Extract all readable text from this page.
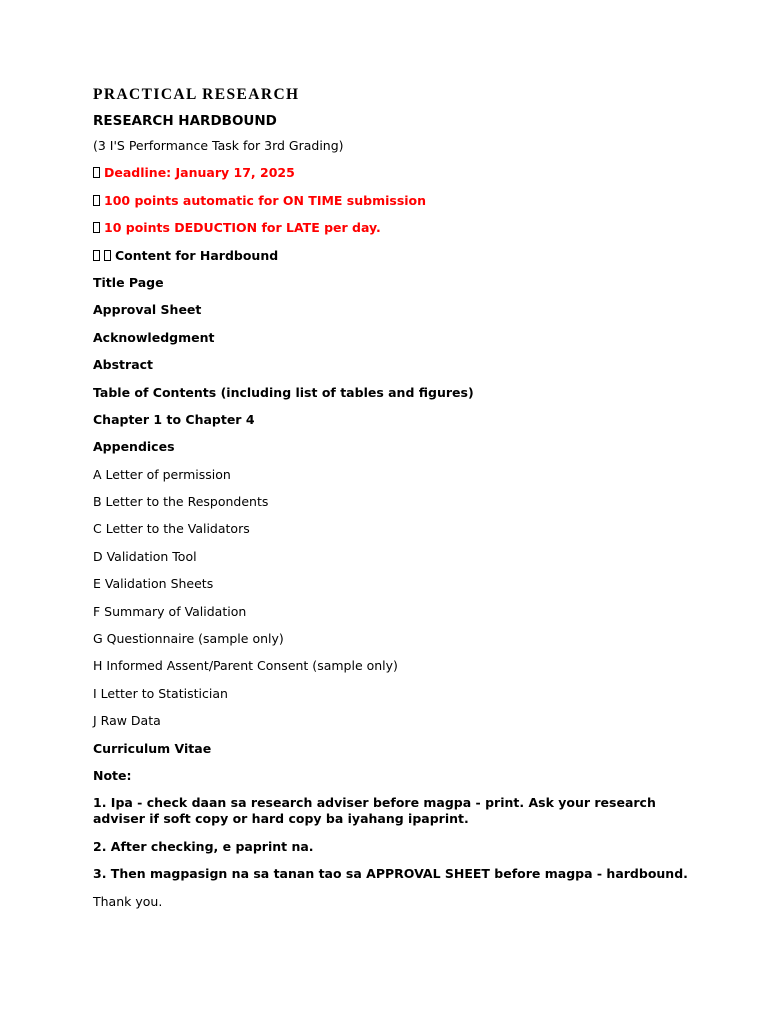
PRACTICAL RESEARCH
RESEARCH HARDBOUND
(3 I'S Performance Task for 3rd Grading)
Deadline: January 17, 2025
100 points automatic for ON TIME submission
10 points DEDUCTION for LATE per day.
Content for Hardbound
Title Page
Approval Sheet
Acknowledgment
Abstract
Table of Contents (including list of tables and figures)
Chapter 1 to Chapter 4
Appendices
A Letter of permission
B Letter to the Respondents
C Letter to the Validators
D Validation Tool
E Validation Sheets
F Summary of Validation
G Questionnaire (sample only)
H Informed Assent/Parent Consent (sample only)
I Letter to Statistician
J Raw Data
Curriculum Vitae
Note:
1. Ipa - check daan sa research adviser before magpa - print. Ask your research adviser if soft copy or hard copy ba iyahang ipaprint.
2. After checking, e paprint na.
3. Then magpasign na sa tanan tao sa APPROVAL SHEET before magpa - hardbound.
Thank you.
